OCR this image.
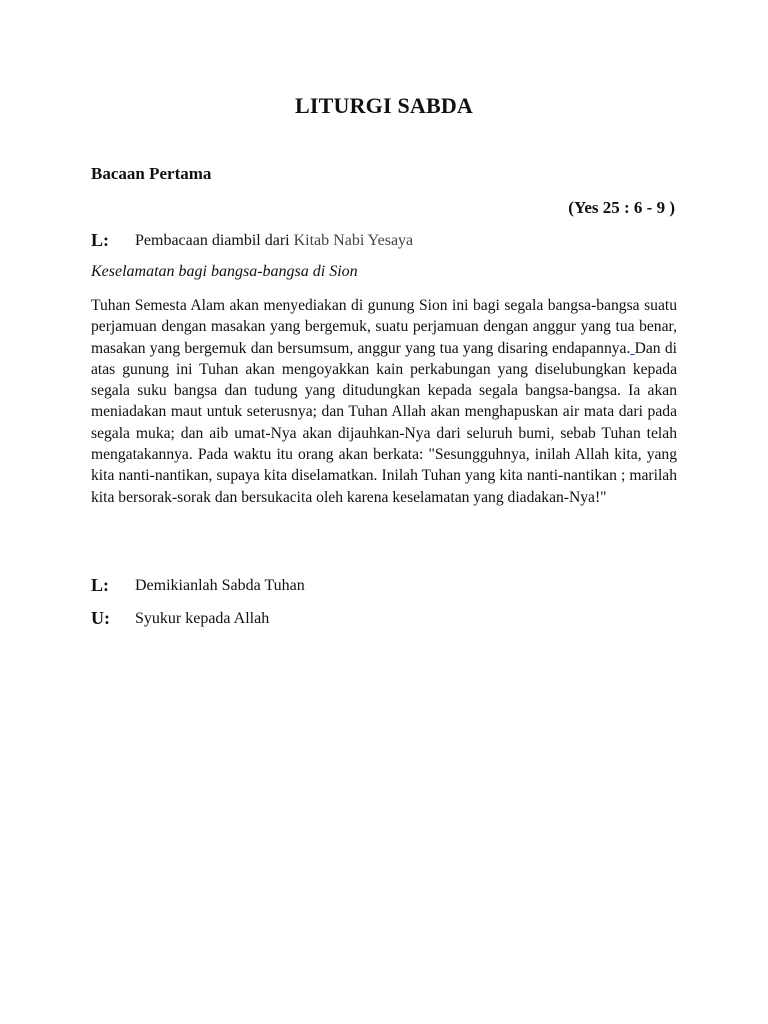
LITURGI SABDA
Bacaan Pertama
(Yes 25 : 6 - 9 )
L: Pembacaan diambil dari Kitab Nabi Yesaya
Keselamatan bagi bangsa-bangsa di Sion

Tuhan Semesta Alam akan menyediakan di gunung Sion ini bagi segala bangsa-bangsa suatu perjamuan dengan masakan yang bergemuk, suatu perjamuan dengan anggur yang tua benar, masakan yang bergemuk dan bersumsum, anggur yang tua yang disaring endapannya. Dan di atas gunung ini Tuhan akan mengoyakkan kain perkabungan yang diselubungkan kepada segala suku bangsa dan tudung yang ditudungkan kepada segala bangsa-bangsa. Ia akan meniadakan maut untuk seterusnya; dan Tuhan Allah akan menghapuskan air mata dari pada segala muka; dan aib umat-Nya akan dijauhkan-Nya dari seluruh bumi, sebab Tuhan telah mengatakannya. Pada waktu itu orang akan berkata: "Sesungguhnya, inilah Allah kita, yang kita nanti-nantikan, supaya kita diselamatkan. Inilah Tuhan yang kita nanti-nantikan ; marilah kita bersorak-sorak dan bersukacita oleh karena keselamatan yang diadakan-Nya!"

L: Demikianlah Sabda Tuhan
U: Syukur kepada Allah
